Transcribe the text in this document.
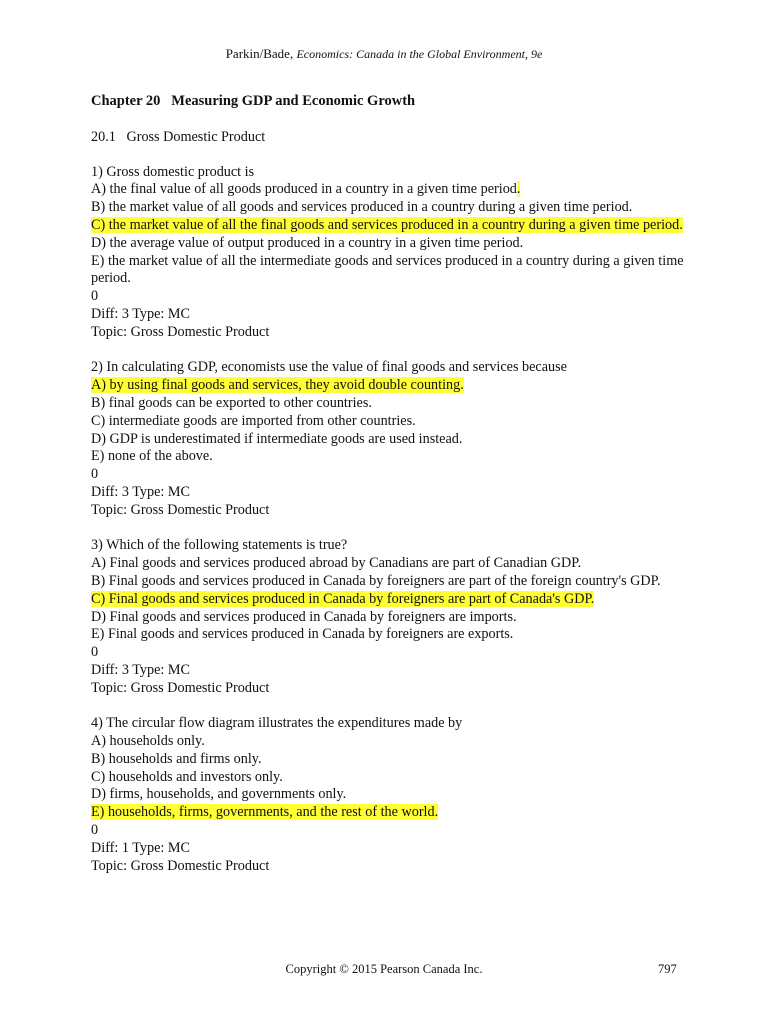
Parkin/Bade, Economics: Canada in the Global Environment, 9e
Chapter 20   Measuring GDP and Economic Growth
20.1   Gross Domestic Product
1) Gross domestic product is
A) the final value of all goods produced in a country in a given time period.
B) the market value of all goods and services produced in a country during a given time period.
C) the market value of all the final goods and services produced in a country during a given time period.
D) the average value of output produced in a country in a given time period.
E) the market value of all the intermediate goods and services produced in a country during a given time period.
0
Diff: 3 Type: MC
Topic: Gross Domestic Product
2) In calculating GDP, economists use the value of final goods and services because
A) by using final goods and services, they avoid double counting.
B) final goods can be exported to other countries.
C) intermediate goods are imported from other countries.
D) GDP is underestimated if intermediate goods are used instead.
E) none of the above.
0
Diff: 3 Type: MC
Topic: Gross Domestic Product
3) Which of the following statements is true?
A) Final goods and services produced abroad by Canadians are part of Canadian GDP.
B) Final goods and services produced in Canada by foreigners are part of the foreign country's GDP.
C) Final goods and services produced in Canada by foreigners are part of Canada's GDP.
D) Final goods and services produced in Canada by foreigners are imports.
E) Final goods and services produced in Canada by foreigners are exports.
0
Diff: 3 Type: MC
Topic: Gross Domestic Product
4) The circular flow diagram illustrates the expenditures made by
A) households only.
B) households and firms only.
C) households and investors only.
D) firms, households, and governments only.
E) households, firms, governments, and the rest of the world.
0
Diff: 1 Type: MC
Topic: Gross Domestic Product
Copyright © 2015 Pearson Canada Inc.	797
